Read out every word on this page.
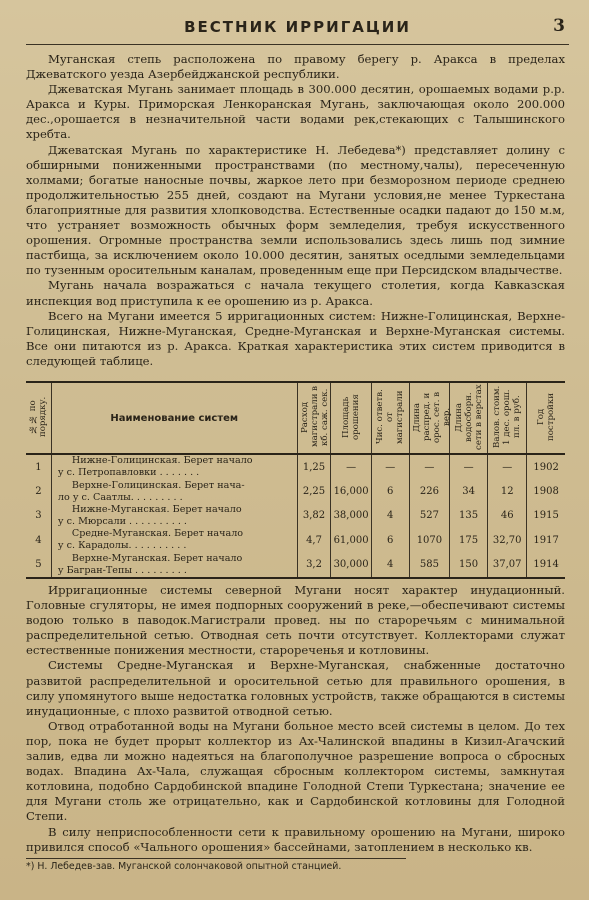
ВЕСТНИК ИРРИГАЦИИ	3

Муганская степь расположена по правому берегу р. Аракса в пределах Джеватского уезда Азербейджанской республики.

Джеватская Мугань занимает площадь в 300.000 десятин, орошаемых водами р.р. Аракса и Куры. Приморская Ленкоранская Мугань, заключающая около 200.000 дес.,орошается в незначительной части водами рек,стекающих с Талышинского хребта.

Джеватская Мугань по характеристике Н. Лебедева*) представляет долину с обширными пониженными пространствами (по местному,чалы), пересеченную холмами; богатые наносные почвы, жаркое лето при безморозном периоде среднею продолжительностью 255 дней, создают на Мугани условия,не менее Туркестана благоприятные для развития хлопководства. Естественные осадки падают до 150 м.м, что устраняет возможность обычных форм земледелия, требуя искусственного орошения. Огромные пространства земли использовались здесь лишь под зимние пастбища, за исключением около 10.000 десятин, занятых оседлыми земледельцами по тузенным оросительным каналам, проведенным еще при Персидском владычестве.

Мугань начала возражаться с начала текущего столетия, когда Кавказская инспекция вод приступила к ее орошению из р. Аракса.

Всего на Мугани имеется 5 ирригационных систем: Нижне-Голицинская, Верхне-Голицинская, Нижне-Муганская, Средне-Муганская и Верхне-Муганская системы. Все они питаются из р. Аракса. Краткая характеристика этих систем приводится в следующей таблице.

№№ по порядку.	Наименование систем	Расход магистрали в кб. саж. сек.	Площадь орошения	Чис. ответв. от магистрали	Длина распред. и ороc. сет. в вер.	Длина водосборн. сети в верстах	Валов. стоим. 1 дес. орош. пл. в руб.	Год постройки
1	Нижне-Голицинская. Берет начало
у с. Петропавловки . . . . . . .	1,25	—	—	—	—	—	1902
2	Верхне-Голицинская. Берет нача-
ло у с. Саатлы. . . . . . . . .	2,25	16,000	6	226	34	12	1908
3	Нижне-Муганская. Берет начало
у с. Мюрсали . . . . . . . . . .	3,82	38,000	4	527	135	46	1915
4	Средне-Муганская. Берет начало
у с. Карадолы. . . . . . . . . .	4,7	61,000	6	1070	175	32,70	1917
5	Верхне-Муганская. Берет начало
у Багран-Тепы . . . . . . . . .	3,2	30,000	4	585	150	37,07	1914

Ирригационные системы северной Мугани носят характер инудационный. Головные сгуляторы, не имея подпорных сооружений в реке,—обеспечивают системы водою только в паводок.Магистрали провед. ны по староречьям с минимальной распределительной сетью. Отводная сеть почти отсутствует. Коллекторами служат естественные понижения местности, старореченья и котловины.

Системы Средне-Муганская и Верхне-Муганская, снабженные достаточно развитой распределительной и оросительной сетью для правильного орошения, в силу упомянутого выше недостатка головных устройств, также обращаются в системы инудационные, с плохо развитой отводной сетью.

Отвод отработанной воды на Мугани больное место всей системы в целом. До тех пор, пока не будет прорыт коллектор из Ах-Чалинской впадины в Кизил-Агачский залив, едва ли можно надеяться на благополучное разрешение вопроса о сбросных водах. Впадина Ах-Чала, служащая сбросным коллектором системы, замкнутая котловина, подобно Сардобинской впадине Голодной Степи Туркестана; значение ее для Мугани столь же отрицательно, как и Сардобинской котловины для Голодной Степи.

В силу неприспособленности сети к правильному орошению на Мугани, широко привился способ «Чального орошения» бассейнами, затоплением в несколько кв.

*) Н. Лебедев-зав. Муганской солончаковой опытной станцией.
